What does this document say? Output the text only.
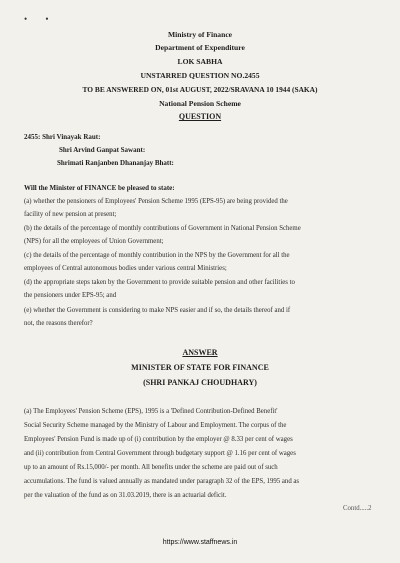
• •
Ministry of Finance
Department of Expenditure
LOK SABHA
UNSTARRED QUESTION NO.2455
TO BE ANSWERED ON, 01st AUGUST, 2022/SRAVANA 10 1944 (SAKA)
National Pension Scheme
QUESTION
2455: Shri Vinayak Raut:
Shri Arvind Ganpat Sawant:
Shrimati Ranjanben Dhananjay Bhatt:
Will the Minister of FINANCE be pleased to state:
(a) whether the pensioners of Employees' Pension Scheme 1995 (EPS-95) are being provided the
facility of new pension at present;
(b) the details of the percentage of monthly contributions of Government in National Pension Scheme
(NPS) for all the employees of Union Government;
(c) the details of the percentage of monthly contribution in the NPS by the Government for all the
employees of Central autonomous bodies under various central Ministries;
(d) the appropriate steps taken by the Government to provide suitable pension and other facilities to
the pensioners under EPS-95; and
(e) whether the Government is considering to make NPS easier and if so, the details thereof and if
not, the reasons therefor?
ANSWER
MINISTER OF STATE FOR FINANCE
(SHRI PANKAJ CHOUDHARY)
(a) The Employees' Pension Scheme (EPS), 1995 is a 'Defined Contribution-Defined Benefit'
Social Security Scheme managed by the Ministry of Labour and Employment. The corpus of the
Employees' Pension Fund is made up of (i) contribution by the employer @ 8.33 per cent of wages
and (ii) contribution from Central Government through budgetary support @ 1.16 per cent of wages
up to an amount of Rs.15,000/- per month. All benefits under the scheme are paid out of such
accumulations. The fund is valued annually as mandated under paragraph 32 of the EPS, 1995 and as
per the valuation of the fund as on 31.03.2019, there is an actuarial deficit.
Contd.....2
https://www.staffnews.in
